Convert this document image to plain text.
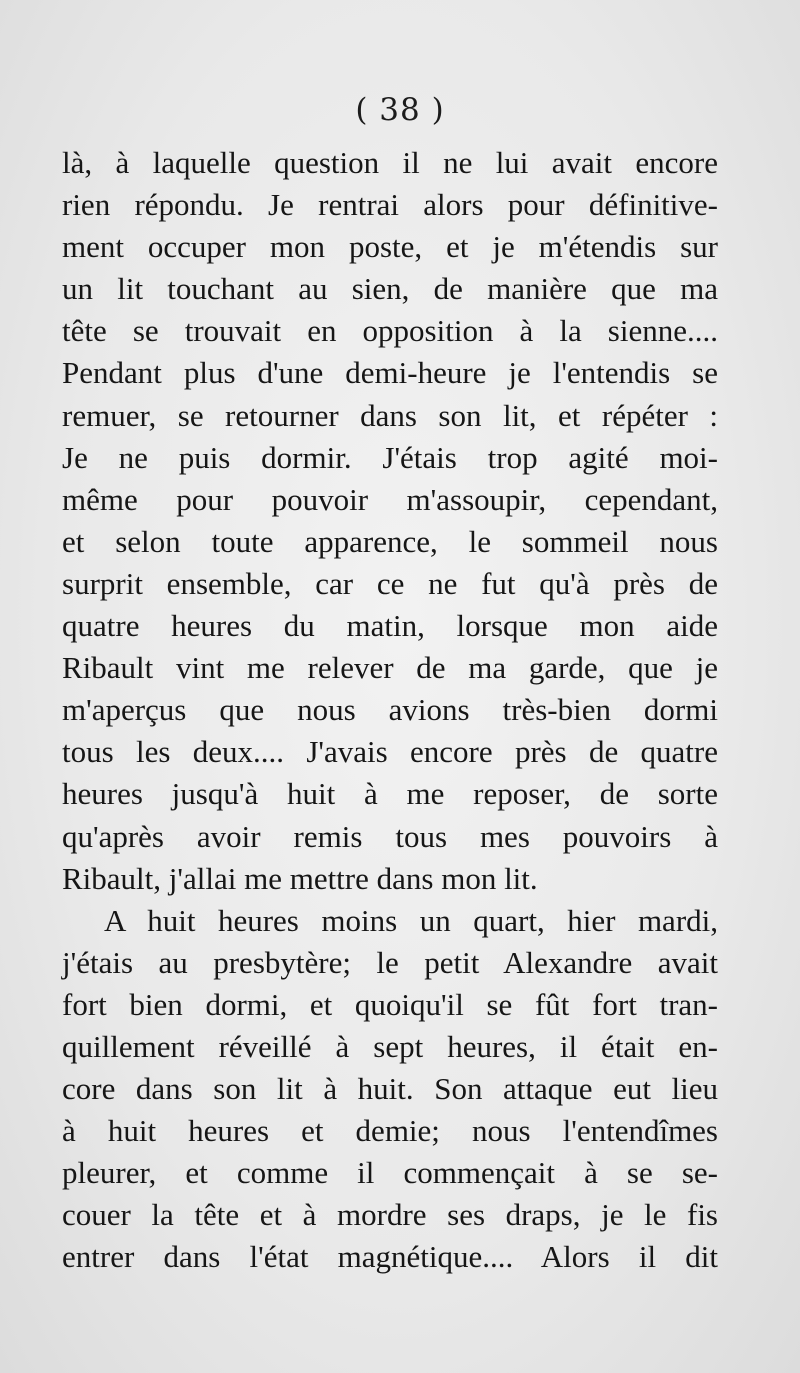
( 38 )
là, à laquelle question il ne lui avait encore
rien répondu. Je rentrai alors pour définitive-
ment occuper mon poste, et je m'étendis sur
un lit touchant au sien, de manière que ma
tête se trouvait en opposition à la sienne....
Pendant plus d'une demi-heure je l'entendis se
remuer, se retourner dans son lit, et répéter :
Je ne puis dormir. J'étais trop agité moi-
même pour pouvoir m'assoupir, cependant,
et selon toute apparence, le sommeil nous
surprit ensemble, car ce ne fut qu'à près de
quatre heures du matin, lorsque mon aide
Ribault vint me relever de ma garde, que je
m'aperçus que nous avions très-bien dormi
tous les deux.... J'avais encore près de quatre
heures jusqu'à huit à me reposer, de sorte
qu'après avoir remis tous mes pouvoirs à
Ribault, j'allai me mettre dans mon lit.
A huit heures moins un quart, hier mardi,
j'étais au presbytère; le petit Alexandre avait
fort bien dormi, et quoiqu'il se fût fort tran-
quillement réveillé à sept heures, il était en-
core dans son lit à huit. Son attaque eut lieu
à huit heures et demie; nous l'entendîmes
pleurer, et comme il commençait à se se-
couer la tête et à mordre ses draps, je le fis
entrer dans l'état magnétique.... Alors il dit
